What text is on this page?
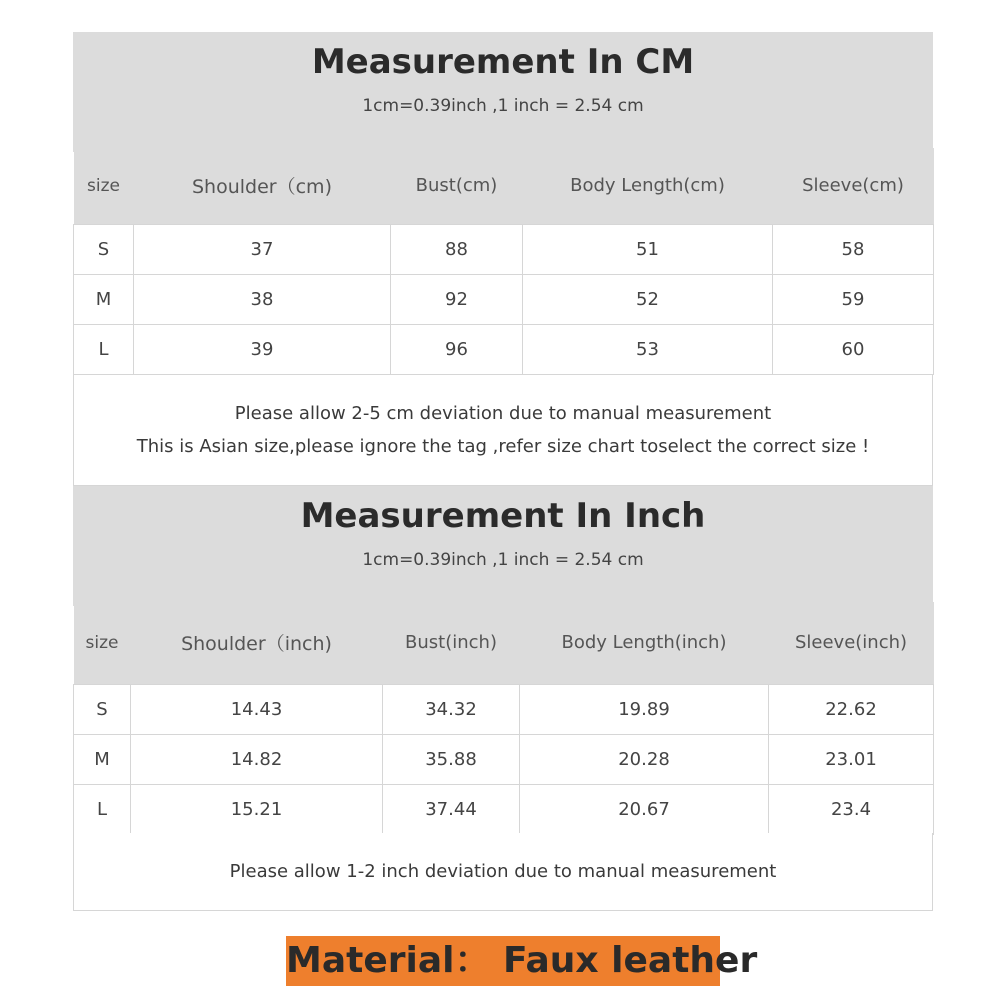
Measurement In CM

1cm=0.39inch ,1 inch = 2.54 cm

size	Shoulder（cm)	Bust(cm)	Body Length(cm)	Sleeve(cm)
S	37	88	51	58
M	38	92	52	59
L	39	96	53	60
Please allow 2-5 cm deviation due to manual measurement
This is Asian size,please ignore the tag ,refer size chart toselect the correct size !
Measurement In Inch

1cm=0.39inch ,1 inch = 2.54 cm

size	Shoulder（inch)	Bust(inch)	Body Length(inch)	Sleeve(inch)
S	14.43	34.32	19.89	22.62
M	14.82	35.88	20.28	23.01
L	15.21	37.44	20.67	23.4
Please allow 1-2 inch deviation due to manual measurement
Material： Faux leather
